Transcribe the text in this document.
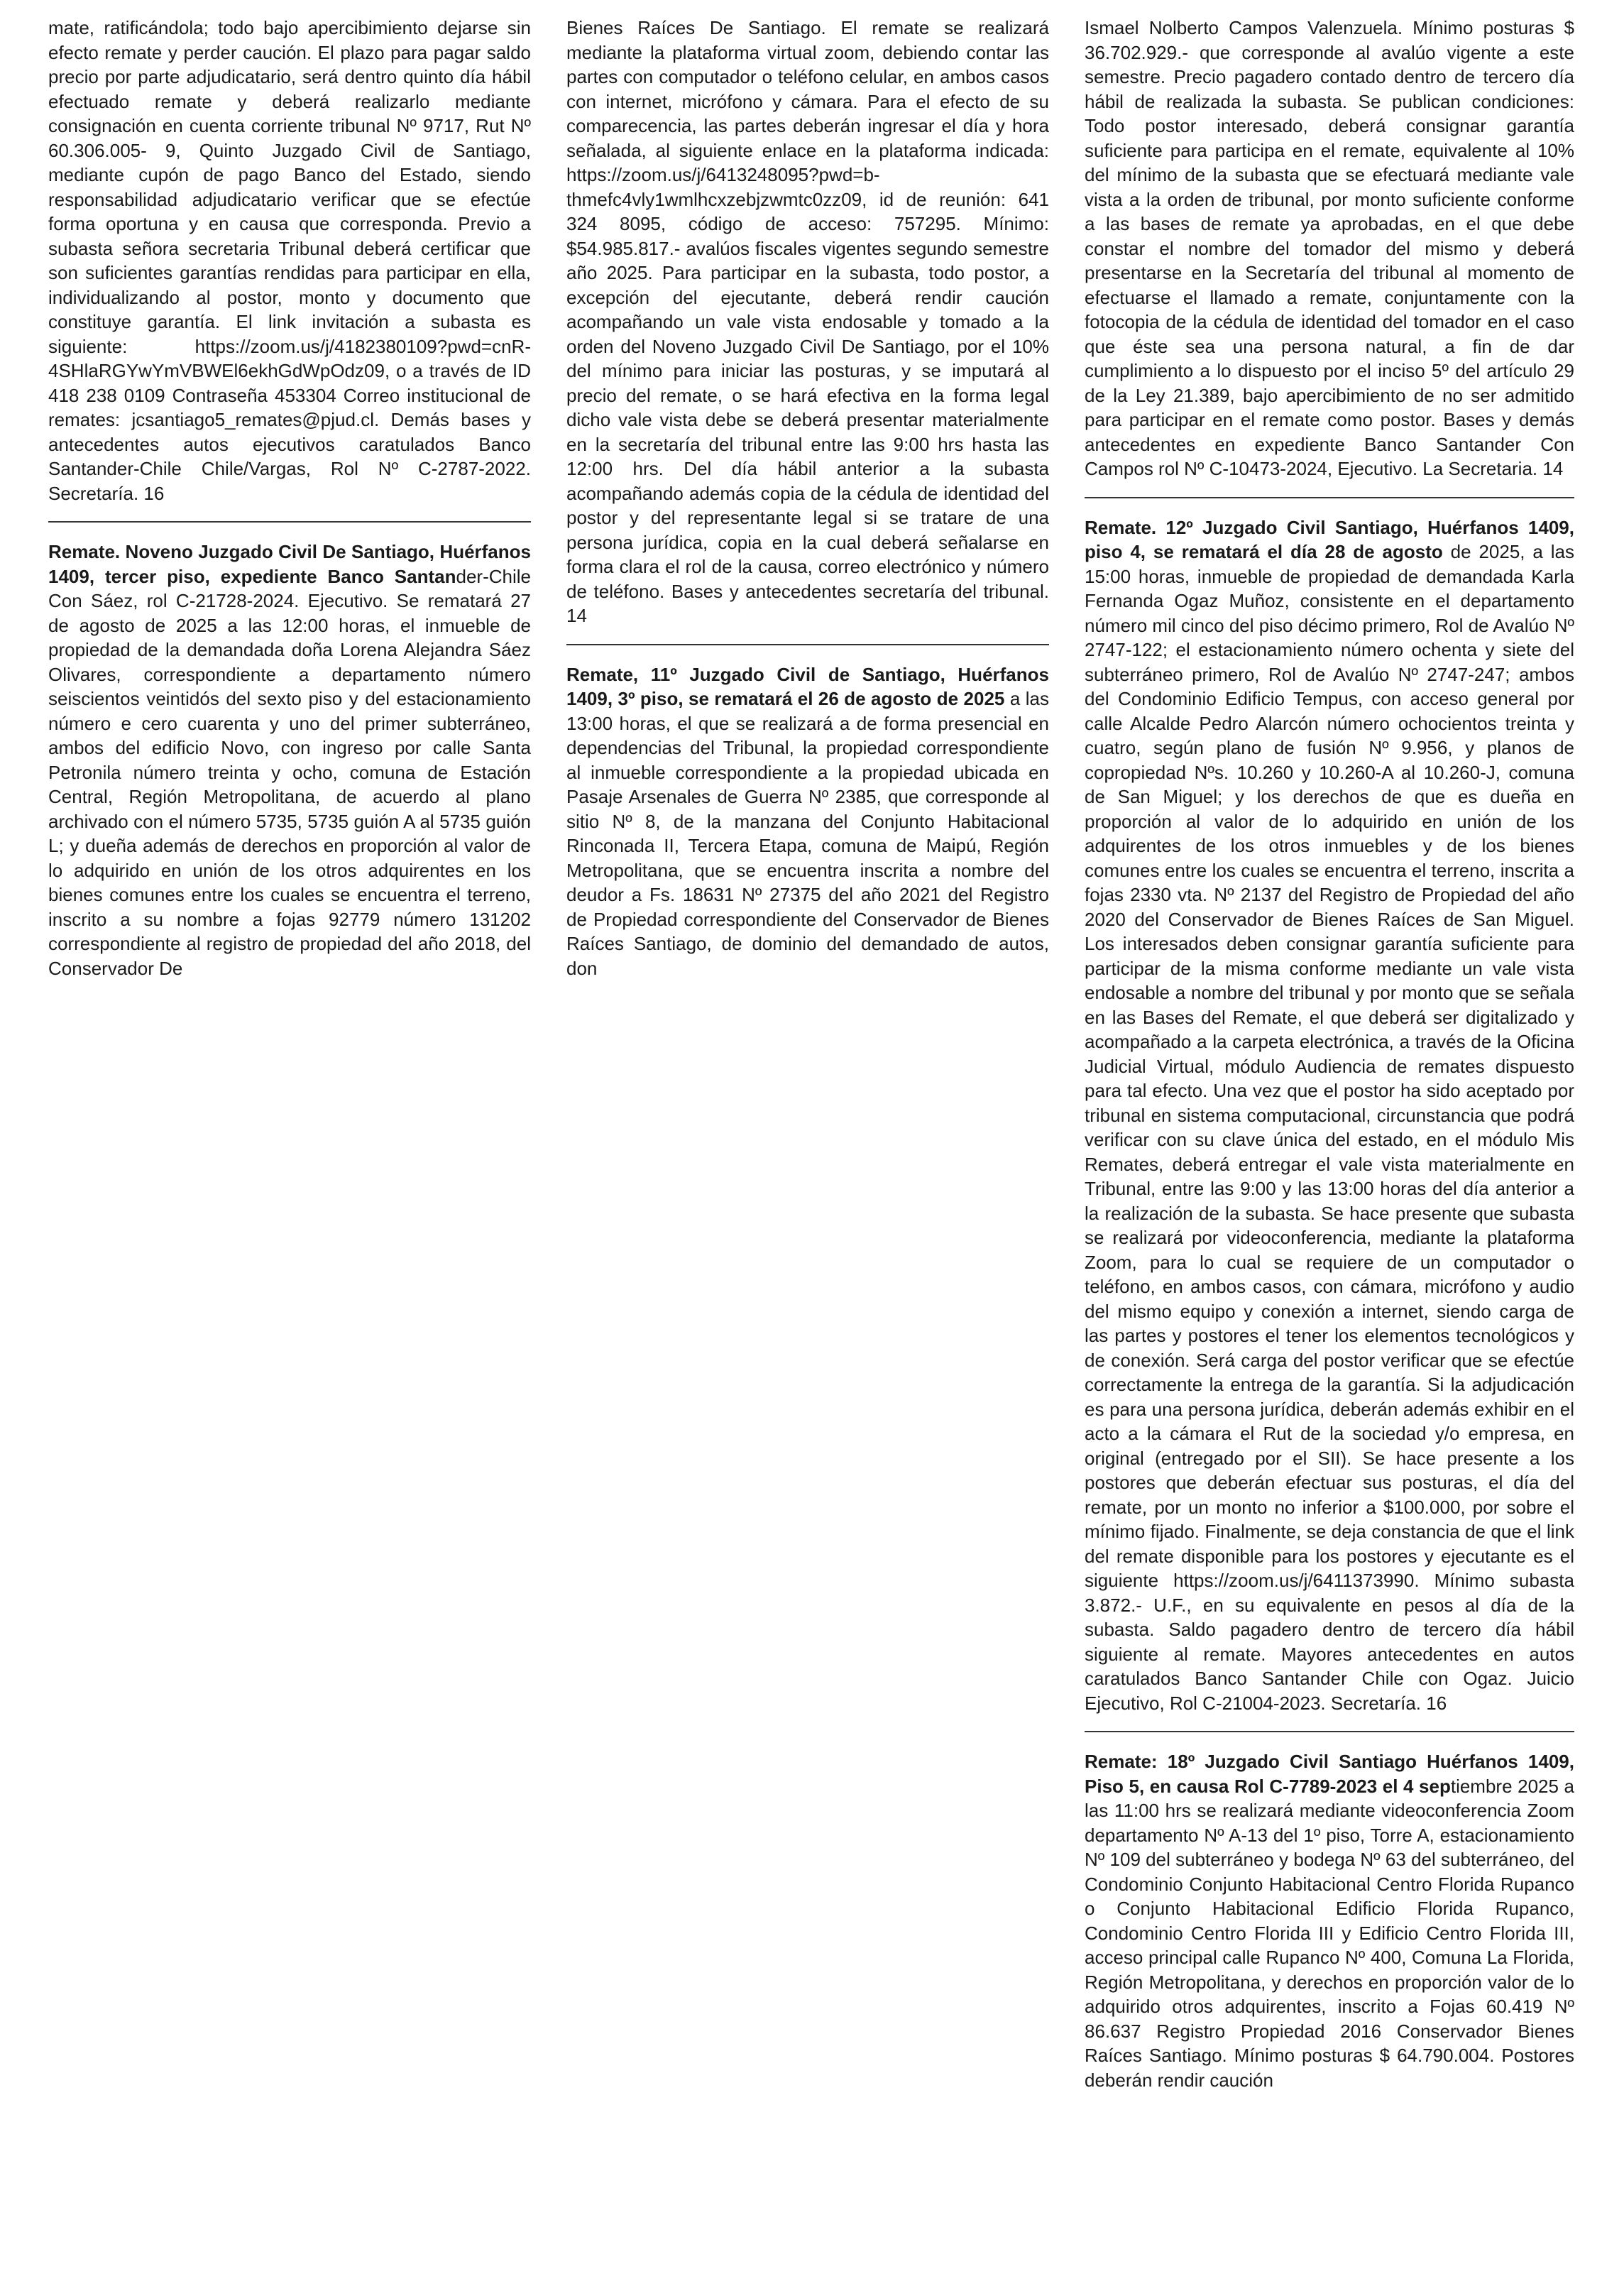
mate, ratificándola; todo bajo apercibimiento dejarse sin efecto remate y perder caución. El plazo para pagar saldo precio por parte adjudicatario, será dentro quinto día hábil efectuado remate y deberá realizarlo mediante consignación en cuenta corriente tribunal Nº 9717, Rut Nº 60.306.005- 9, Quinto Juzgado Civil de Santiago, mediante cupón de pago Banco del Estado, siendo responsabilidad adjudicatario verificar que se efectúe forma oportuna y en causa que corresponda. Previo a subasta señora secretaria Tribunal deberá certificar que son suficientes garantías rendidas para participar en ella, individualizando al postor, monto y documento que constituye garantía. El link invitación a subasta es siguiente: https://zoom.us/j/4182380109?pwd=cnR-4SHlaRGYwYmVBWEl6ekhGdWpOdz09, o a través de ID 418 238 0109 Contraseña 453304 Correo institucional de remates: jcsantiago5_remates@pjud.cl. Demás bases y antecedentes autos ejecutivos caratulados Banco Santander-Chile Chile/Vargas, Rol Nº C-2787-2022. Secretaría. 16

Remate. Noveno Juzgado Civil De Santiago, Huérfanos 1409, tercer piso, expediente Banco Santander-Chile Con Sáez, rol C-21728-2024. Ejecutivo. Se rematará 27 de agosto de 2025 a las 12:00 horas, el inmueble de propiedad de la demandada doña Lorena Alejandra Sáez Olivares, correspondiente a departamento número seiscientos veintidós del sexto piso y del estacionamiento número e cero cuarenta y uno del primer subterráneo, ambos del edificio Novo, con ingreso por calle Santa Petronila número treinta y ocho, comuna de Estación Central, Región Metropolitana, de acuerdo al plano archivado con el número 5735, 5735 guión A al 5735 guión L; y dueña además de derechos en proporción al valor de lo adquirido en unión de los otros adquirentes en los bienes comunes entre los cuales se encuentra el terreno, inscrito a su nombre a fojas 92779 número 131202 correspondiente al registro de propiedad del año 2018, del Conservador De

Bienes Raíces De Santiago. El remate se realizará mediante la plataforma virtual zoom, debiendo contar las partes con computador o teléfono celular, en ambos casos con internet, micrófono y cámara. Para el efecto de su comparecencia, las partes deberán ingresar el día y hora señalada, al siguiente enlace en la plataforma indicada: https://zoom.us/j/6413248095?pwd=b-thmefc4vly1wmlhcxzebjzwmtc0zz09, id de reunión: 641 324 8095, código de acceso: 757295. Mínimo: $54.985.817.- avalúos fiscales vigentes segundo semestre año 2025. Para participar en la subasta, todo postor, a excepción del ejecutante, deberá rendir caución acompañando un vale vista endosable y tomado a la orden del Noveno Juzgado Civil De Santiago, por el 10% del mínimo para iniciar las posturas, y se imputará al precio del remate, o se hará efectiva en la forma legal dicho vale vista debe se deberá presentar materialmente en la secretaría del tribunal entre las 9:00 hrs hasta las 12:00 hrs. Del día hábil anterior a la subasta acompañando además copia de la cédula de identidad del postor y del representante legal si se tratare de una persona jurídica, copia en la cual deberá señalarse en forma clara el rol de la causa, correo electrónico y número de teléfono. Bases y antecedentes secretaría del tribunal. 14

Remate, 11º Juzgado Civil de Santiago, Huérfanos 1409, 3º piso, se rematará el 26 de agosto de 2025 a las 13:00 horas, el que se realizará a de forma presencial en dependencias del Tribunal, la propiedad correspondiente al inmueble correspondiente a la propiedad ubicada en Pasaje Arsenales de Guerra Nº 2385, que corresponde al sitio Nº 8, de la manzana del Conjunto Habitacional Rinconada II, Tercera Etapa, comuna de Maipú, Región Metropolitana, que se encuentra inscrita a nombre del deudor a Fs. 18631 Nº 27375 del año 2021 del Registro de Propiedad correspondiente del Conservador de Bienes Raíces Santiago, de dominio del demandado de autos, don

Ismael Nolberto Campos Valenzuela. Mínimo posturas $ 36.702.929.- que corresponde al avalúo vigente a este semestre. Precio pagadero contado dentro de tercero día hábil de realizada la subasta. Se publican condiciones: Todo postor interesado, deberá consignar garantía suficiente para participa en el remate, equivalente al 10% del mínimo de la subasta que se efectuará mediante vale vista a la orden de tribunal, por monto suficiente conforme a las bases de remate ya aprobadas, en el que debe constar el nombre del tomador del mismo y deberá presentarse en la Secretaría del tribunal al momento de efectuarse el llamado a remate, conjuntamente con la fotocopia de la cédula de identidad del tomador en el caso que éste sea una persona natural, a fin de dar cumplimiento a lo dispuesto por el inciso 5º del artículo 29 de la Ley 21.389, bajo apercibimiento de no ser admitido para participar en el remate como postor. Bases y demás antecedentes en expediente Banco Santander Con Campos rol Nº C-10473-2024, Ejecutivo. La Secretaria. 14

Remate. 12º Juzgado Civil Santiago, Huérfanos 1409, piso 4, se rematará el día 28 de agosto de 2025, a las 15:00 horas, inmueble de propiedad de demandada Karla Fernanda Ogaz Muñoz, consistente en el departamento número mil cinco del piso décimo primero, Rol de Avalúo Nº 2747-122; el estacionamiento número ochenta y siete del subterráneo primero, Rol de Avalúo Nº 2747-247; ambos del Condominio Edificio Tempus, con acceso general por calle Alcalde Pedro Alarcón número ochocientos treinta y cuatro, según plano de fusión Nº 9.956, y planos de copropiedad Nºs. 10.260 y 10.260-A al 10.260-J, comuna de San Miguel; y los derechos de que es dueña en proporción al valor de lo adquirido en unión de los adquirentes de los otros inmuebles y de los bienes comunes entre los cuales se encuentra el terreno, inscrita a fojas 2330 vta. Nº 2137 del Registro de Propiedad del año 2020 del Conservador de Bienes Raíces de San Miguel. Los interesados deben consignar garantía suficiente para participar de la misma conforme mediante un vale vista endosable a nombre del tribunal y por monto que se señala en las Bases del Remate, el que deberá ser digitalizado y acompañado a la carpeta electrónica, a través de la Oficina Judicial Virtual, módulo Audiencia de remates dispuesto para tal efecto. Una vez que el postor ha sido aceptado por tribunal en sistema computacional, circunstancia que podrá verificar con su clave única del estado, en el módulo Mis Remates, deberá entregar el vale vista materialmente en Tribunal, entre las 9:00 y las 13:00 horas del día anterior a la realización de la subasta. Se hace presente que subasta se realizará por videoconferencia, mediante la plataforma Zoom, para lo cual se requiere de un computador o teléfono, en ambos casos, con cámara, micrófono y audio del mismo equipo y conexión a internet, siendo carga de las partes y postores el tener los elementos tecnológicos y de conexión. Será carga del postor verificar que se efectúe correctamente la entrega de la garantía. Si la adjudicación es para una persona jurídica, deberán además exhibir en el acto a la cámara el Rut de la sociedad y/o empresa, en original (entregado por el SII). Se hace presente a los postores que deberán efectuar sus posturas, el día del remate, por un monto no inferior a $100.000, por sobre el mínimo fijado. Finalmente, se deja constancia de que el link del remate disponible para los postores y ejecutante es el siguiente https://zoom.us/j/6411373990. Mínimo subasta 3.872.- U.F., en su equivalente en pesos al día de la subasta. Saldo pagadero dentro de tercero día hábil siguiente al remate. Mayores antecedentes en autos caratulados Banco Santander Chile con Ogaz. Juicio Ejecutivo, Rol C-21004-2023. Secretaría. 16

Remate: 18º Juzgado Civil Santiago Huérfanos 1409, Piso 5, en causa Rol C-7789-2023 el 4 septiembre 2025 a las 11:00 hrs se realizará mediante videoconferencia Zoom departamento Nº A-13 del 1º piso, Torre A, estacionamiento Nº 109 del subterráneo y bodega Nº 63 del subterráneo, del Condominio Conjunto Habitacional Centro Florida Rupanco o Conjunto Habitacional Edificio Florida Rupanco, Condominio Centro Florida III y Edificio Centro Florida III, acceso principal calle Rupanco Nº 400, Comuna La Florida, Región Metropolitana, y derechos en proporción valor de lo adquirido otros adquirentes, inscrito a Fojas 60.419 Nº 86.637 Registro Propiedad 2016 Conservador Bienes Raíces Santiago. Mínimo posturas $ 64.790.004. Postores deberán rendir caución
